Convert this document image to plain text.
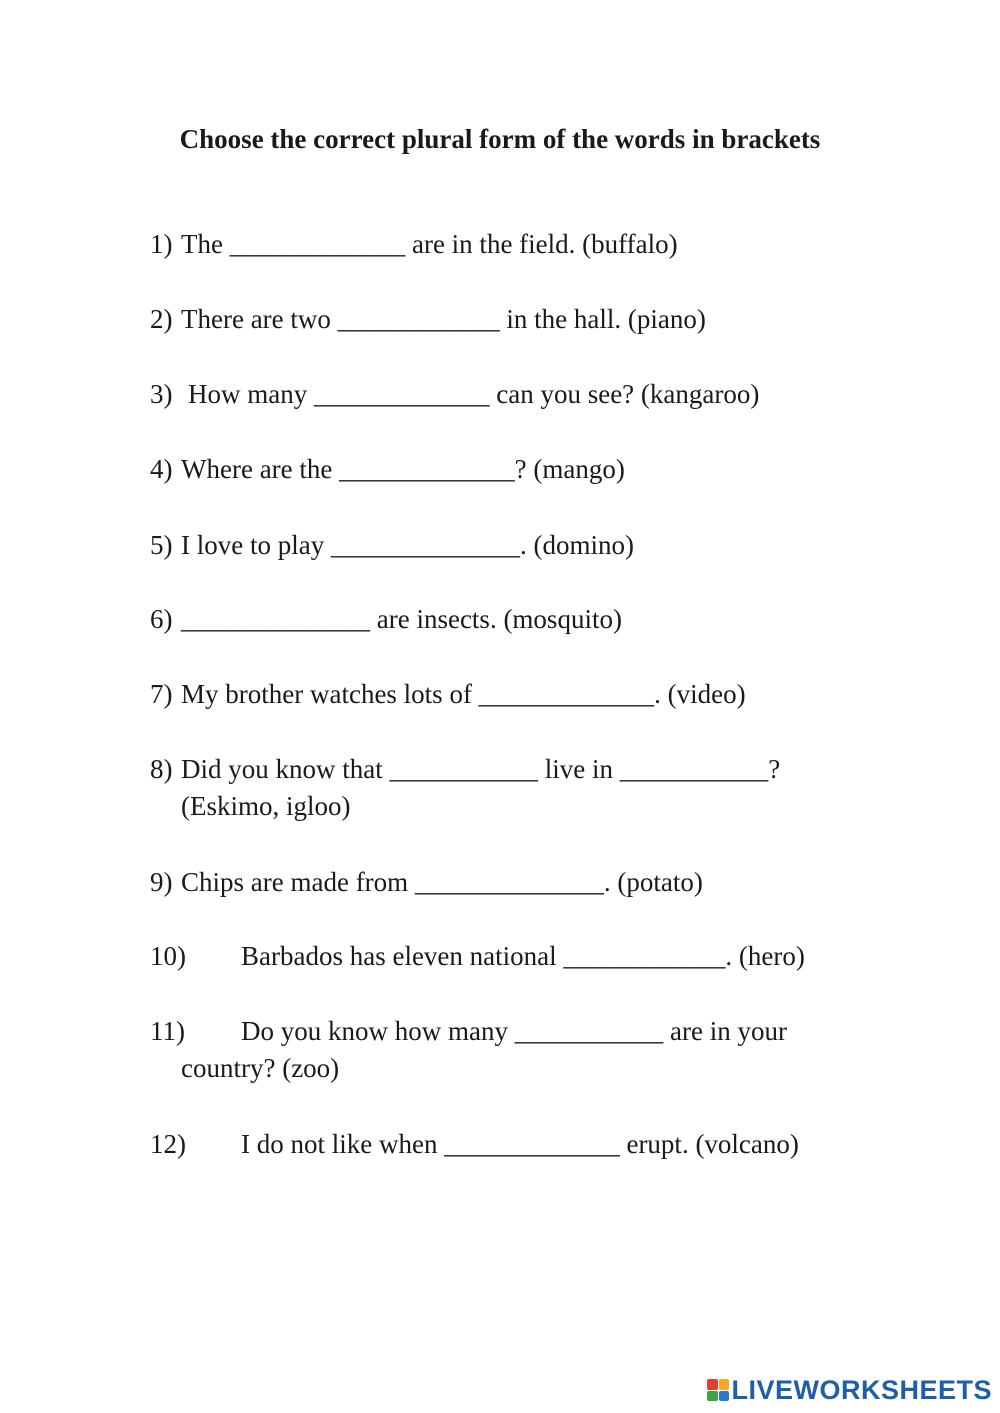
Choose the correct plural form of the words in brackets
1) The _____________ are in the field. (buffalo)
2) There are two ____________ in the hall. (piano)
3) How many _____________ can you see? (kangaroo)
4) Where are the _____________? (mango)
5) I love to play ______________. (domino)
6) ______________ are insects. (mosquito)
7) My brother watches lots of _____________. (video)
8) Did you know that ___________ live in ___________?
(Eskimo, igloo)
9) Chips are made from ______________. (potato)
10) Barbados has eleven national ____________. (hero)
11) Do you know how many ___________ are in your
country? (zoo)
12) I do not like when _____________ erupt. (volcano)
LIVEWORKSHEETS
